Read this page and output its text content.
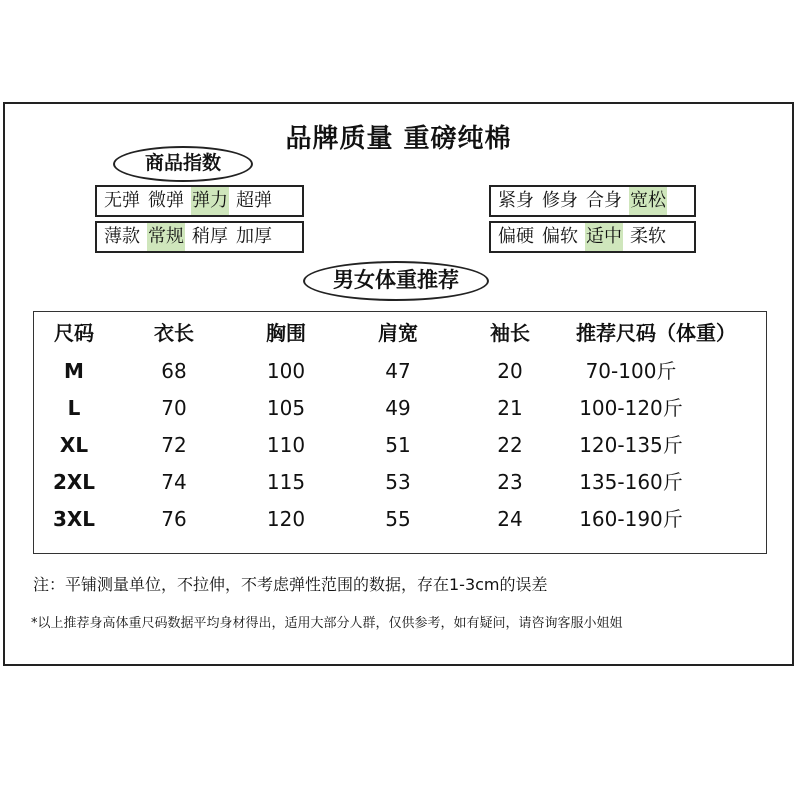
品牌质量 重磅纯棉
商品指数
无弹 微弹 弹力 超弹
薄款 常规 稍厚 加厚
紧身 修身 合身 宽松
偏硬 偏软 适中 柔软
男女体重推荐
尺码	衣长	胸围	肩宽	袖长	推荐尺码（体重）
M	68	100	47	20	70-100斤
L	70	105	49	21	100-120斤
XL	72	110	51	22	120-135斤
2XL	74	115	53	23	135-160斤
3XL	76	120	55	24	160-190斤
注：平铺测量单位，不拉伸，不考虑弹性范围的数据，存在1-3cm的误差
*以上推荐身高体重尺码数据平均身材得出，适用大部分人群，仅供参考，如有疑问，请咨询客服小姐姐
